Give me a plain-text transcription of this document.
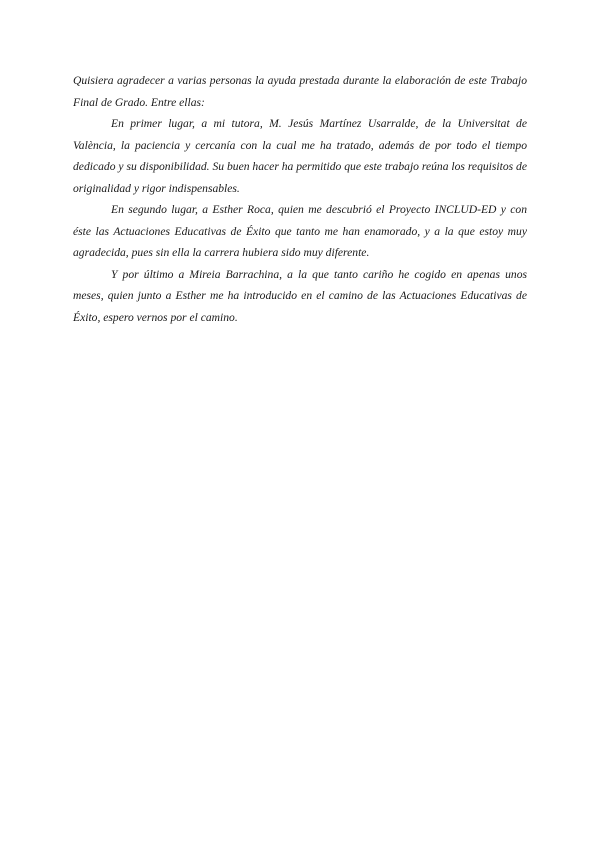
Quisiera agradecer a varias personas la ayuda prestada durante la elaboración de este Trabajo Final de Grado. Entre ellas:

En primer lugar, a mi tutora, M. Jesús Martínez Usarralde, de la Universitat de València, la paciencia y cercanía con la cual me ha tratado, además de por todo el tiempo dedicado y su disponibilidad. Su buen hacer ha permitido que este trabajo reúna los requisitos de originalidad y rigor indispensables.

En segundo lugar, a Esther Roca, quien me descubrió el Proyecto INCLUD-ED y con éste las Actuaciones Educativas de Éxito que tanto me han enamorado, y a la que estoy muy agradecida, pues sin ella la carrera hubiera sido muy diferente.

Y por último a Mireia Barrachina, a la que tanto cariño he cogido en apenas unos meses, quien junto a Esther me ha introducido en el camino de las Actuaciones Educativas de Éxito, espero vernos por el camino.
